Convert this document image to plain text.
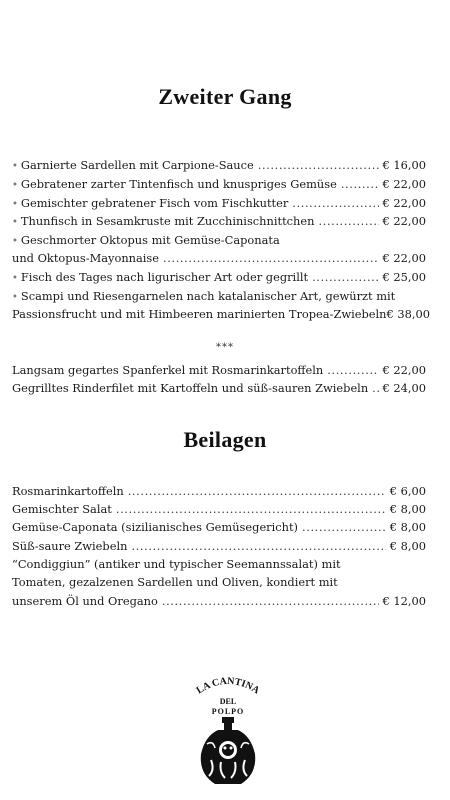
Zweiter Gang
• Garnierte Sardellen mit Carpione-Sauce .....	€ 16,00
• Gebratener zarter Tintenfisch und knuspriges Gemüse .....	€ 22,00
• Gemischter gebratener Fisch vom Fischkutter .....	€ 22,00
• Thunfisch in Sesamkruste mit Zucchinischnittchen .....	€ 22,00
• Geschmorter Oktopus mit Gemüse-Caponata
und Oktopus-Mayonnaise .....	€ 22,00
• Fisch des Tages nach ligurischer Art oder gegrillt .....	€ 25,00
• Scampi und Riesengarnelen nach katalanischer Art, gewürzt mit
Passionsfrucht und mit Himbeeren marinierten Tropea-Zwiebeln € 38,00
***
Langsam gegartes Spanferkel mit Rosmarinkartoffeln .....	€ 22,00
Gegrilltes Rinderfilet mit Kartoffeln und süß-sauren Zwiebeln ..... € 24,00
Beilagen
Rosmarinkartoffeln .....	€ 6,00
Gemischter Salat .....	€ 8,00
Gemüse-Caponata (sizilianisches Gemüsegericht) .....	€ 8,00
Süß-saure Zwiebeln .....	€ 8,00
“Condiggiun” (antiker und typischer Seemannssalat) mit
Tomaten, gezalzenen Sardellen und Oliven, kondiert mit
unserem Öl und Oregano .....	€ 12,00
LA CANTINA
DEL
POLPO
